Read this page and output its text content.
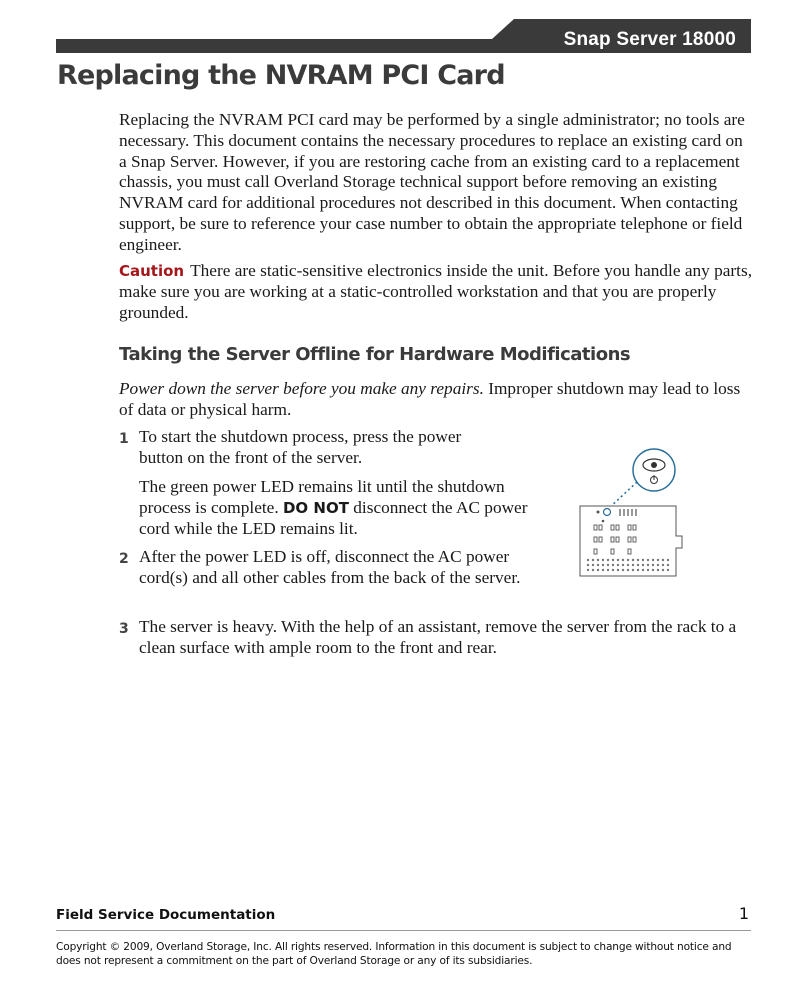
Snap Server 18000
Replacing the NVRAM PCI Card

Replacing the NVRAM PCI card may be performed by a single administrator; no tools are necessary. This document contains the necessary procedures to replace an existing card on a Snap Server. However, if you are restoring cache from an existing card to a replacement chassis, you must call Overland Storage technical support before removing an existing NVRAM card for additional procedures not described in this document. When contacting support, be sure to reference your case number to obtain the appropriate telephone or field engineer.

Caution There are static-sensitive electronics inside the unit. Before you handle any parts, make sure you are working at a static-controlled workstation and that you are properly grounded.

Taking the Server Offline for Hardware Modifications

Power down the server before you make any repairs. Improper shutdown may lead to loss of data or physical harm.

1 To start the shutdown process, press the power button on the front of the server.

The green power LED remains lit until the shutdown process is complete. DO NOT disconnect the AC power cord while the LED remains lit.

2 After the power LED is off, disconnect the AC power cord(s) and all other cables from the back of the server.

3 The server is heavy. With the help of an assistant, remove the server from the rack to a clean surface with ample room to the front and rear.

Field Service Documentation	1

Copyright © 2009, Overland Storage, Inc. All rights reserved. Information in this document is subject to change without notice and does not represent a commitment on the part of Overland Storage or any of its subsidiaries.
